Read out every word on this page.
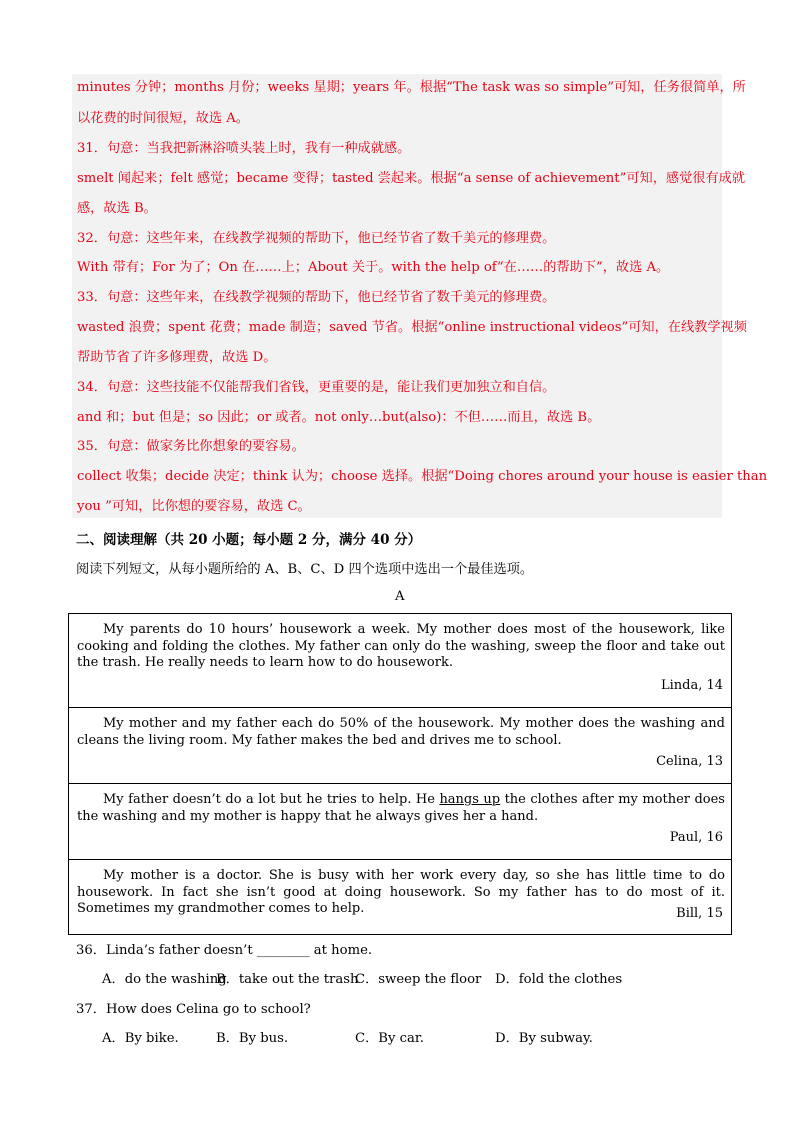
minutes 分钟；months 月份；weeks 星期；years 年。根据“The task was so simple”可知，任务很简单，所
以花费的时间很短，故选 A。
31．句意：当我把新淋浴喷头装上时，我有一种成就感。
smelt 闻起来；felt 感觉；became 变得；tasted 尝起来。根据“a sense of achievement”可知，感觉很有成就
感，故选 B。
32．句意：这些年来，在线教学视频的帮助下，他已经节省了数千美元的修理费。
With 带有；For 为了；On 在……上；About 关于。with the help of“在……的帮助下”，故选 A。
33．句意：这些年来，在线教学视频的帮助下，他已经节省了数千美元的修理费。
wasted 浪费；spent 花费；made 制造；saved 节省。根据“online instructional videos”可知，在线教学视频
帮助节省了许多修理费，故选 D。
34．句意：这些技能不仅能帮我们省钱，更重要的是，能让我们更加独立和自信。
and 和；but 但是；so 因此；or 或者。not only…but(also)：不但……而且，故选 B。
35．句意：做家务比你想象的要容易。
collect 收集；decide 决定；think 认为；choose 选择。根据“Doing chores around your house is easier than
you ”可知，比你想的要容易，故选 C。
二、阅读理解（共 20 小题；每小题 2 分，满分 40 分）
阅读下列短文，从每小题所给的 A、B、C、D 四个选项中选出一个最佳选项。
A

My parents do 10 hours’ housework a week. My mother does most of the housework, like cooking and folding the clothes. My father can only do the washing, sweep the floor and take out the trash. He really needs to learn how to do housework.

Linda, 14

My mother and my father each do 50% of the housework. My mother does the washing and cleans the living room. My father makes the bed and drives me to school.

Celina, 13

My father doesn’t do a lot but he tries to help. He hangs up the clothes after my mother does the washing and my mother is happy that he always gives her a hand.

Paul, 16

My mother is a doctor. She is busy with her work every day, so she has little time to do housework. In fact she isn’t good at doing housework. So my father has to do most of it. Sometimes my grandmother comes to help.	Bill, 15
36．Linda’s father doesn’t ________ at home.
A．do the washing
B．take out the trash
C．sweep the floor D．fold the clothes
37．How does Celina go to school?
A．By bike.	B．By bus.	C．By car.	D．By subway.
